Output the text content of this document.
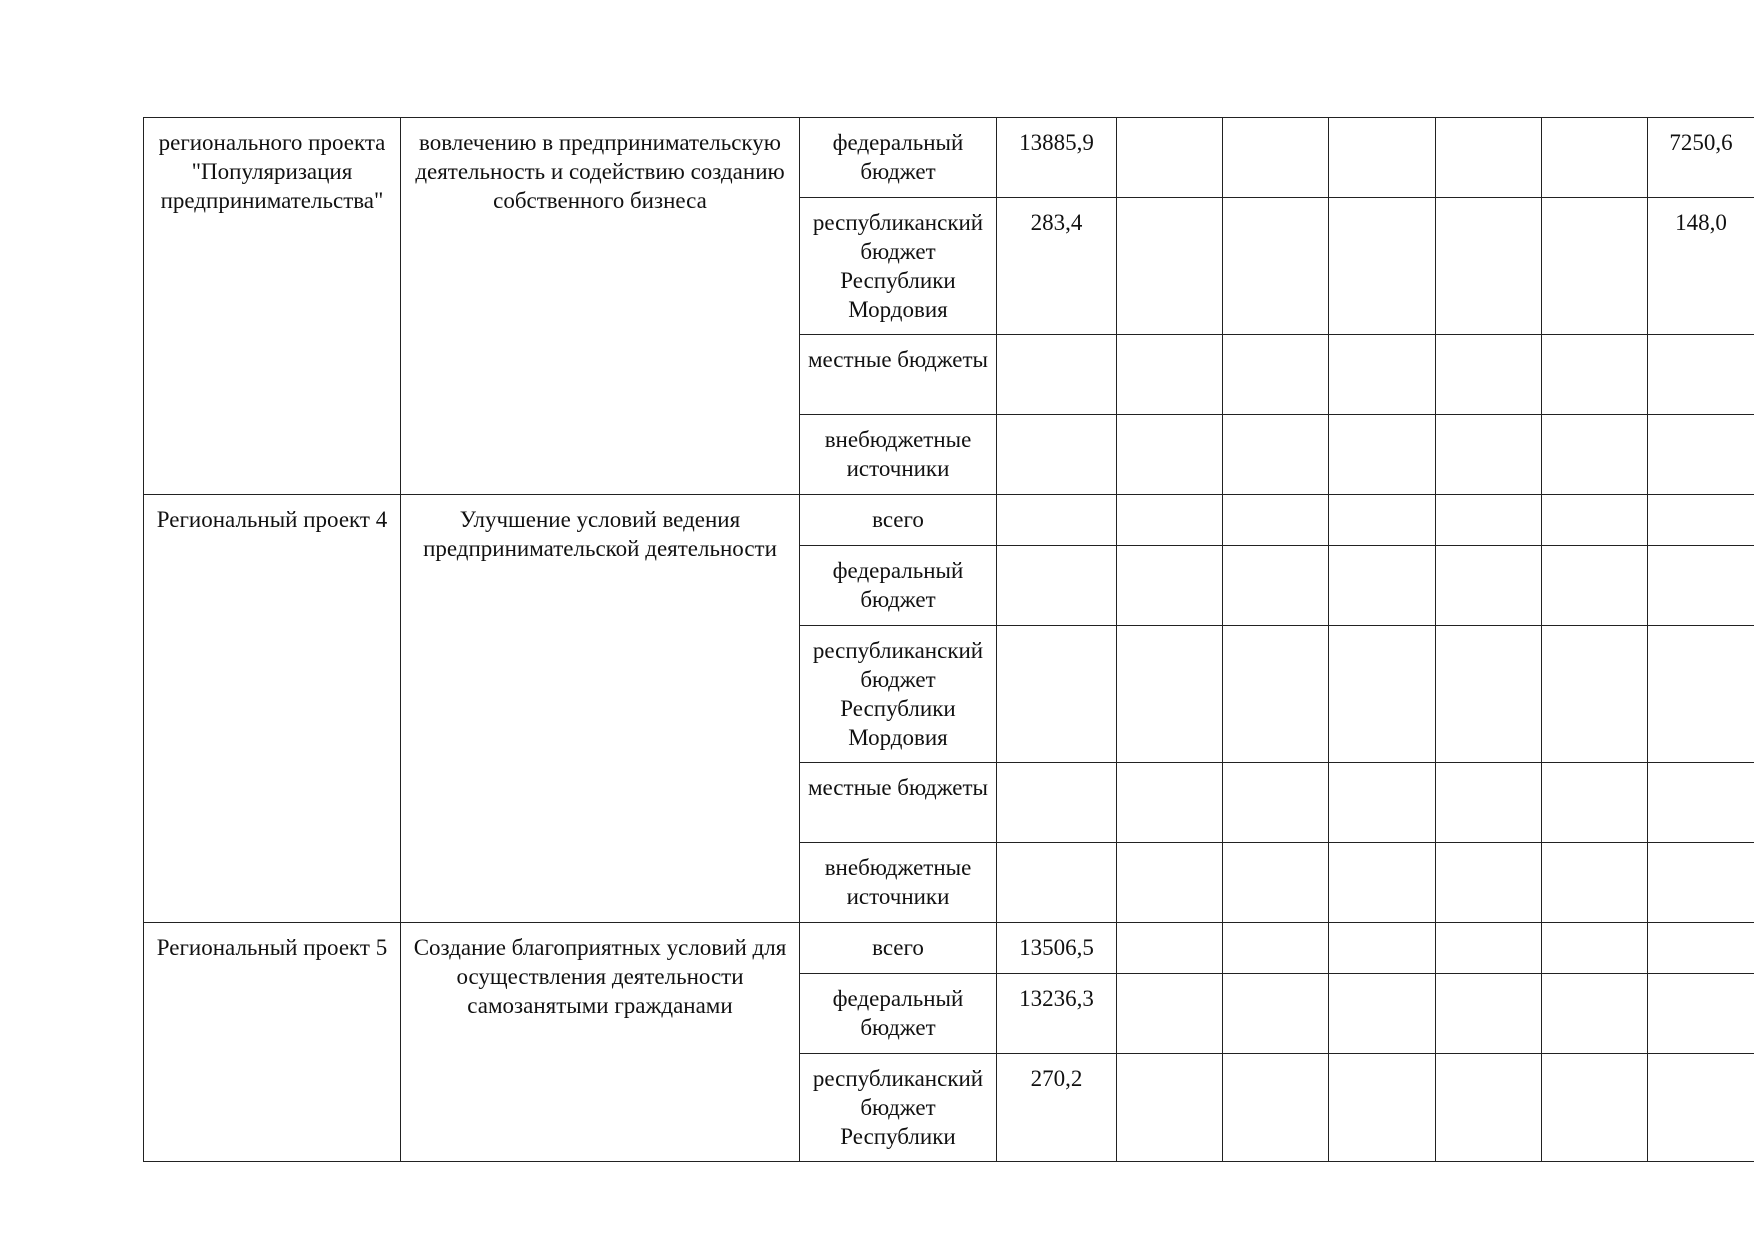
регионального проекта "Популяризация предпринимательства"	вовлечению в предпринимательскую деятельность и содействию созданию собственного бизнеса	федеральный бюджет	13885,9						7250,6
		республиканский бюджет Республики Мордовия	283,4						148,0
		местные бюджеты							
		внебюджетные источники							
Региональный проект 4	Улучшение условий ведения предпринимательской деятельности	всего							
		федеральный бюджет							
		республиканский бюджет Республики Мордовия							
		местные бюджеты							
		внебюджетные источники							
Региональный проект 5	Создание благоприятных условий для осуществления деятельности самозанятыми гражданами	всего	13506,5						
		федеральный бюджет	13236,3						
		республиканский бюджет Республики	270,2						
